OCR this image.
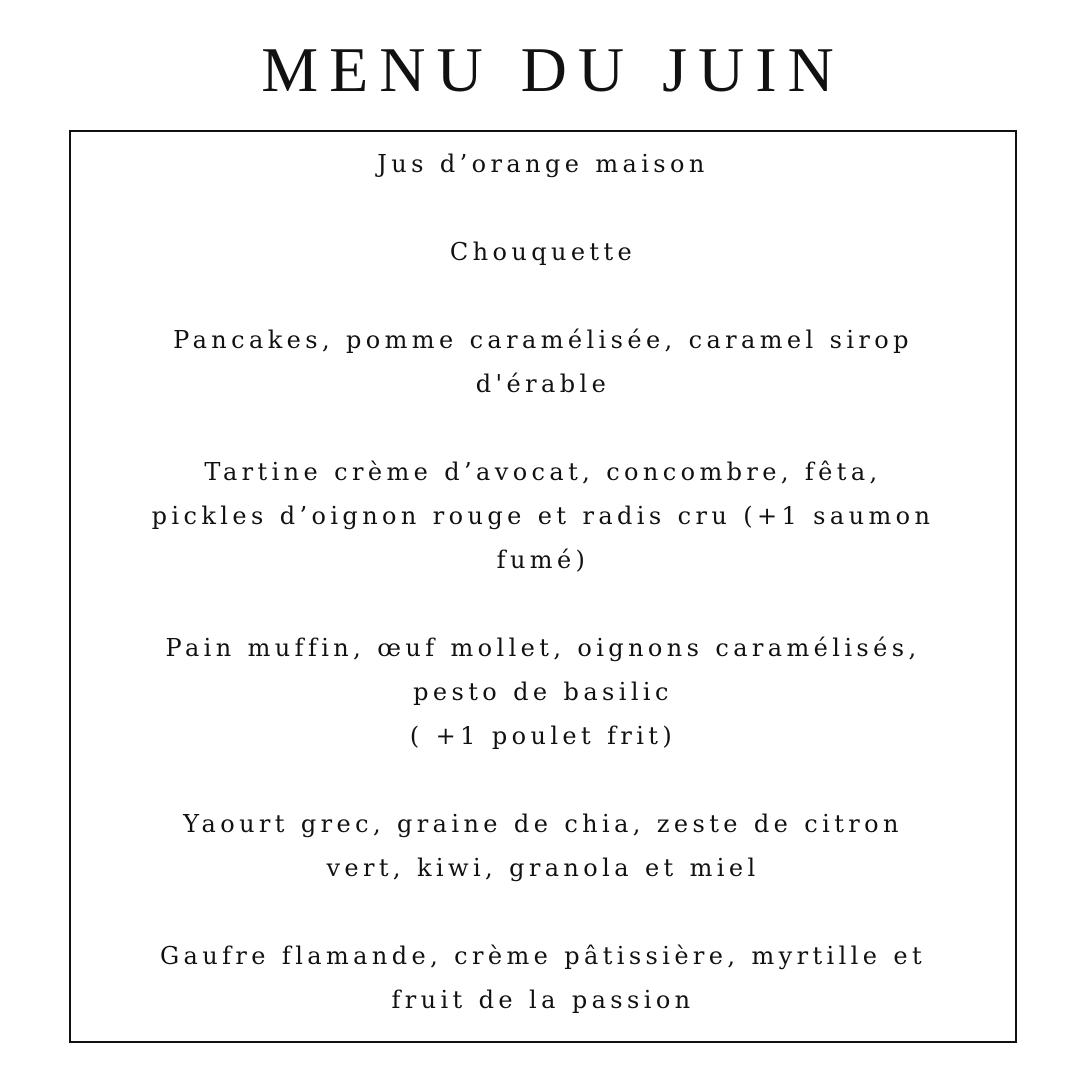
MENU DU JUIN
Jus d’orange maison
Chouquette
Pancakes, pomme caramélisée, caramel sirop
d'érable
Tartine crème d’avocat, concombre, fêta,
pickles d’oignon rouge et radis cru (+1 saumon
fumé)
Pain muffin, œuf mollet, oignons caramélisés,
pesto de basilic
( +1 poulet frit)
Yaourt grec, graine de chia, zeste de citron
vert, kiwi, granola et miel
Gaufre flamande, crème pâtissière, myrtille et
fruit de la passion
